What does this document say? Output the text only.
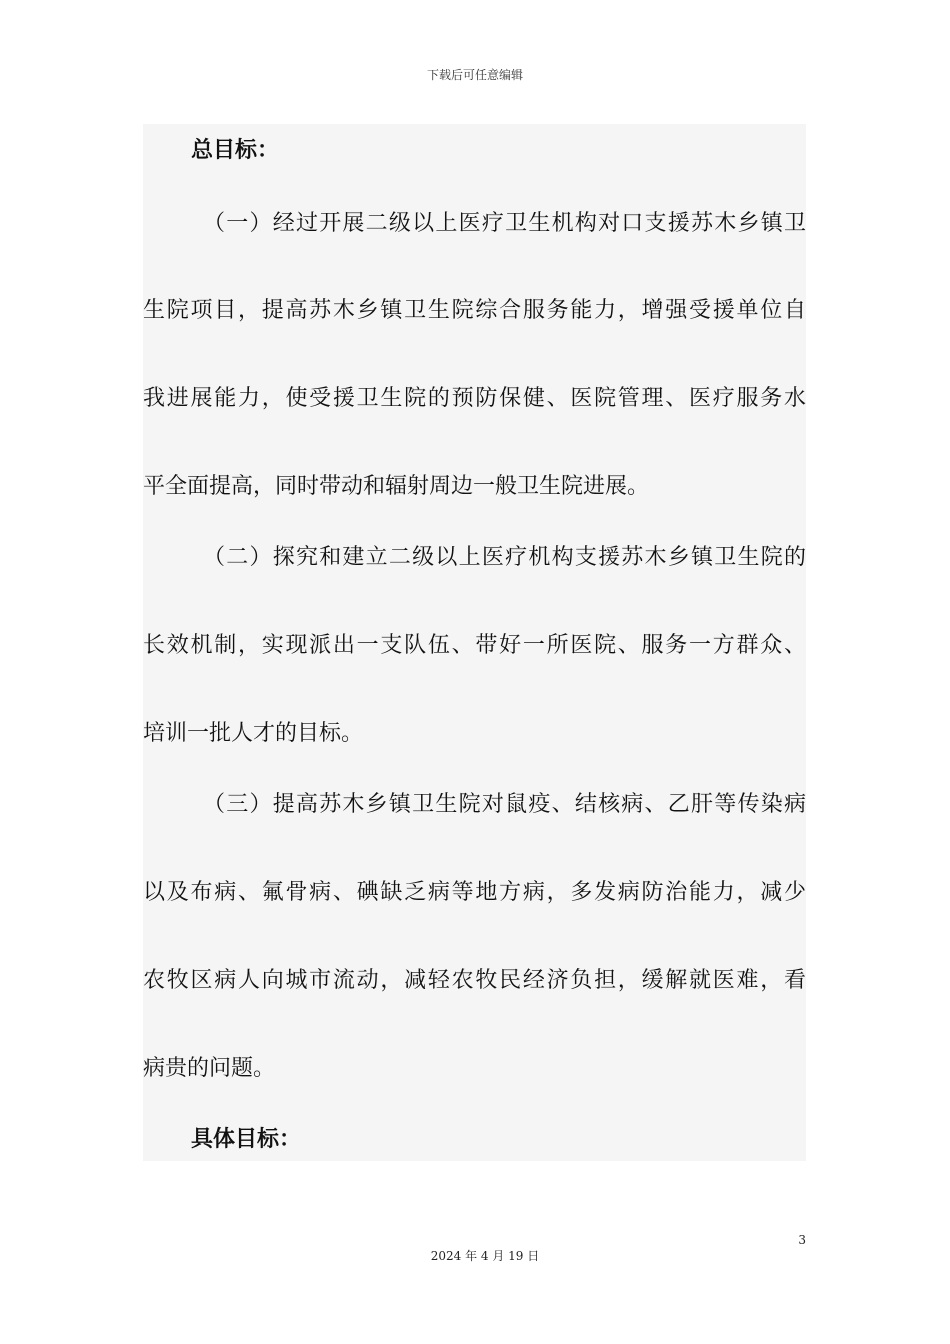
下载后可任意编辑
总目标：
（一）经过开展二级以上医疗卫生机构对口支援苏木乡镇卫
生院项目，提高苏木乡镇卫生院综合服务能力，增强受援单位自
我进展能力，使受援卫生院的预防保健、医院管理、医疗服务水
平全面提高，同时带动和辐射周边一般卫生院进展。
（二）探究和建立二级以上医疗机构支援苏木乡镇卫生院的
长效机制，实现派出一支队伍、带好一所医院、服务一方群众、
培训一批人才的目标。
（三）提高苏木乡镇卫生院对鼠疫、结核病、乙肝等传染病
以及布病、氟骨病、碘缺乏病等地方病，多发病防治能力，减少
农牧区病人向城市流动，减轻农牧民经济负担，缓解就医难，看
病贵的问题。
具体目标：
3
2024 年 4 月 19 日
